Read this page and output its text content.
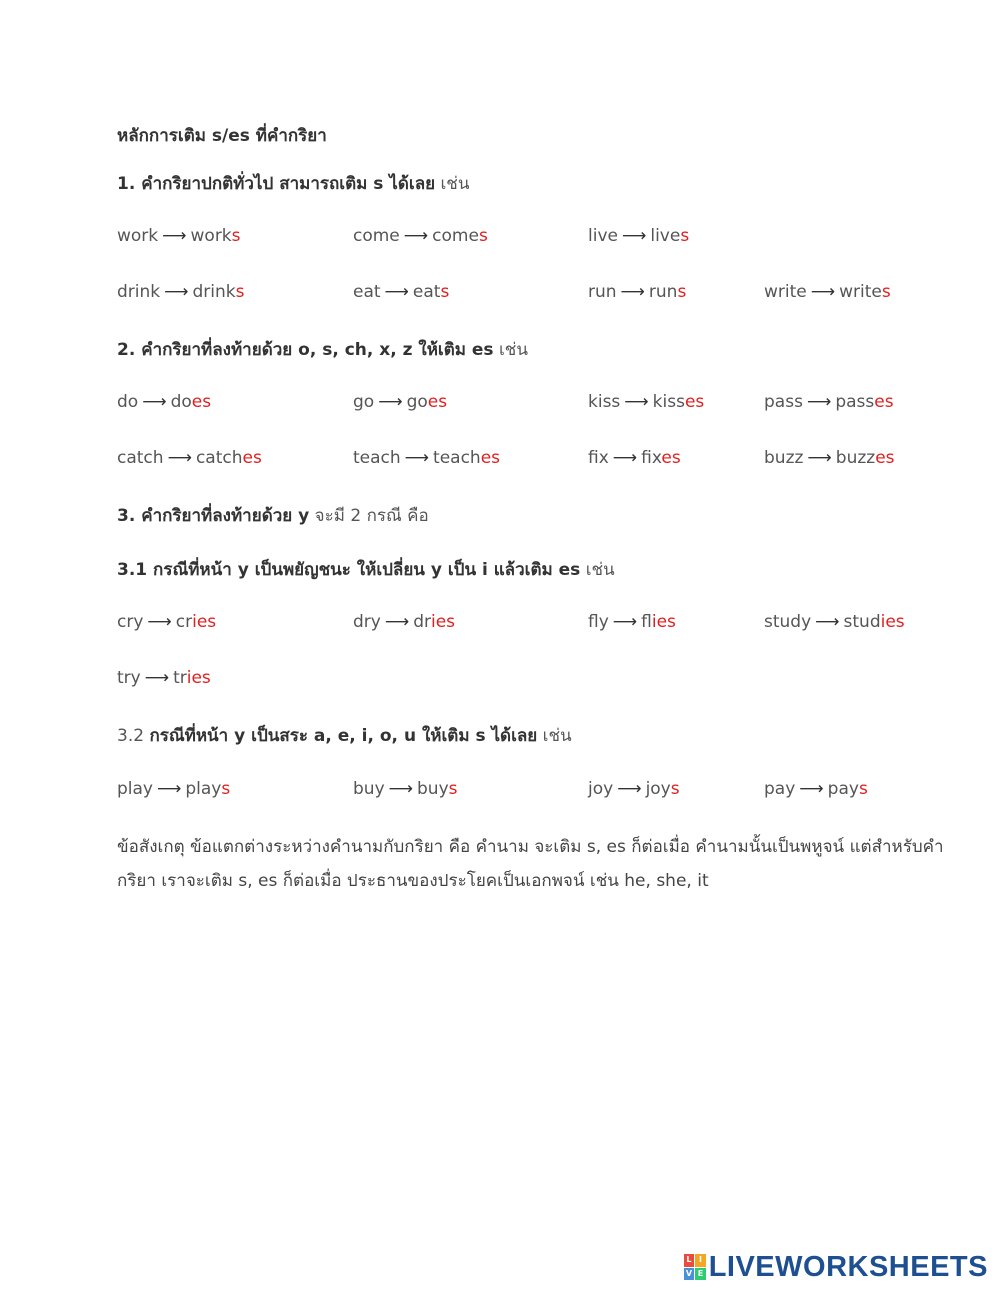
หลักการเติม s/es ที่คำกริยา
1. คำกริยาปกติทั่วไป สามารถเติม s ได้เลย เช่น
work ⟶ works	come ⟶ comes	live ⟶ lives
drink ⟶ drinks	eat ⟶ eats	run ⟶ runs	write ⟶ writes
2. คำกริยาที่ลงท้ายด้วย o, s, ch, x, z ให้เติม es เช่น
do ⟶ does	go ⟶ goes	kiss ⟶ kisses	pass ⟶ passes
catch ⟶ catches	teach ⟶ teaches	fix ⟶ fixes	buzz ⟶ buzzes
3. คำกริยาที่ลงท้ายด้วย y จะมี 2 กรณี คือ
3.1 กรณีที่หน้า y เป็นพยัญชนะ ให้เปลี่ยน y เป็น i แล้วเติม es เช่น
cry ⟶ cries	dry ⟶ dries	fly ⟶ flies	study ⟶ studies
try ⟶ tries
3.2 กรณีที่หน้า y เป็นสระ a, e, i, o, u ให้เติม s ได้เลย เช่น
play ⟶ plays	buy ⟶ buys	joy ⟶ joys	pay ⟶ pays
ข้อสังเกตุ ข้อแตกต่างระหว่างคำนามกับกริยา คือ คำนาม จะเติม s, es ก็ต่อเมื่อ คำนามนั้นเป็นพหูจน์ แต่สำหรับคำกริยา เราจะเติม s, es ก็ต่อเมื่อ ประธานของประโยคเป็นเอกพจน์ เช่น he, she, it
L I
V E LIVEWORKSHEETS
